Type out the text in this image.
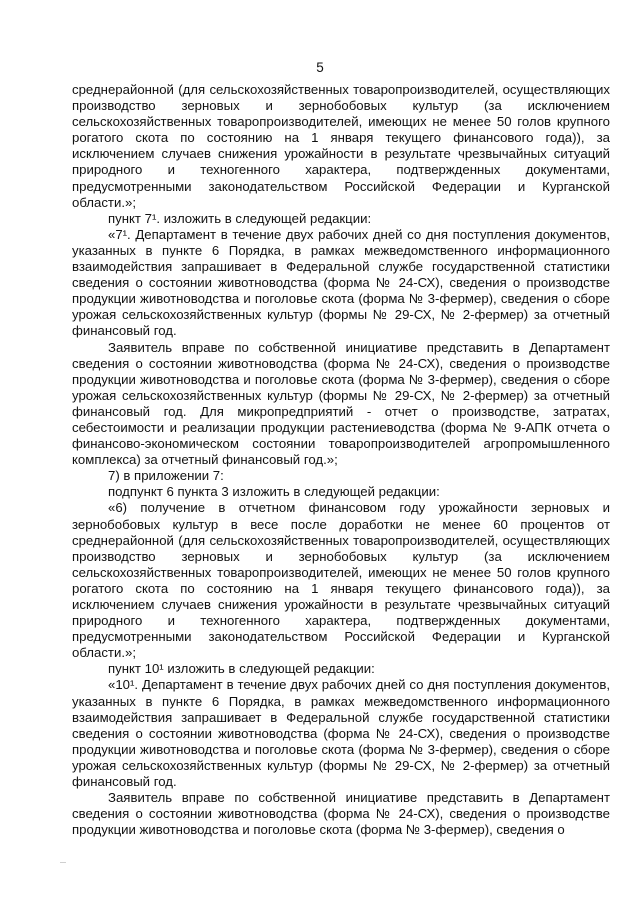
5

среднерайонной (для сельскохозяйственных товаропроизводителей, осуществляющих производство зерновых и зернобобовых культур (за исключением сельскохозяйственных товаропроизводителей, имеющих не менее 50 голов крупного рогатого скота по состоянию на 1 января текущего финансового года)), за исключением случаев снижения урожайности в результате чрезвычайных ситуаций природного и техногенного характера, подтвержденных документами, предусмотренными законодательством Российской Федерации и Курганской области.»;

пункт 7¹. изложить в следующей редакции:

«7¹. Департамент в течение двух рабочих дней со дня поступления документов, указанных в пункте 6 Порядка, в рамках межведомственного информационного взаимодействия запрашивает в Федеральной службе государственной статистики сведения о состоянии животноводства (форма № 24-СХ), сведения о производстве продукции животноводства и поголовье скота (форма № 3-фермер), сведения о сборе урожая сельскохозяйственных культур (формы № 29-СХ, № 2-фермер) за отчетный финансовый год.

Заявитель вправе по собственной инициативе представить в Департамент сведения о состоянии животноводства (форма № 24-СХ), сведения о производстве продукции животноводства и поголовье скота (форма № 3-фермер), сведения о сборе урожая сельскохозяйственных культур (формы № 29-СХ, № 2-фермер) за отчетный финансовый год. Для микропредприятий - отчет о производстве, затратах, себестоимости и реализации продукции растениеводства (форма № 9-АПК отчета о финансово-экономическом состоянии товаропроизводителей агропромышленного комплекса) за отчетный финансовый год.»;

7) в приложении 7:

подпункт 6 пункта 3 изложить в следующей редакции:

«6) получение в отчетном финансовом году урожайности зерновых и зернобобовых культур в весе после доработки не менее 60 процентов от среднерайонной (для сельскохозяйственных товаропроизводителей, осуществляющих производство зерновых и зернобобовых культур (за исключением сельскохозяйственных товаропроизводителей, имеющих не менее 50 голов крупного рогатого скота по состоянию на 1 января текущего финансового года)), за исключением случаев снижения урожайности в результате чрезвычайных ситуаций природного и техногенного характера, подтвержденных документами, предусмотренными законодательством Российской Федерации и Курганской области.»;

пункт 10¹ изложить в следующей редакции:

«10¹. Департамент в течение двух рабочих дней со дня поступления документов, указанных в пункте 6 Порядка, в рамках межведомственного информационного взаимодействия запрашивает в Федеральной службе государственной статистики сведения о состоянии животноводства (форма № 24-СХ), сведения о производстве продукции животноводства и поголовье скота (форма № 3-фермер), сведения о сборе урожая сельскохозяйственных культур (формы № 29-СХ, № 2-фермер) за отчетный финансовый год.

Заявитель вправе по собственной инициативе представить в Департамент сведения о состоянии животноводства (форма № 24-СХ), сведения о производстве продукции животноводства и поголовье скота (форма № 3-фермер), сведения о
